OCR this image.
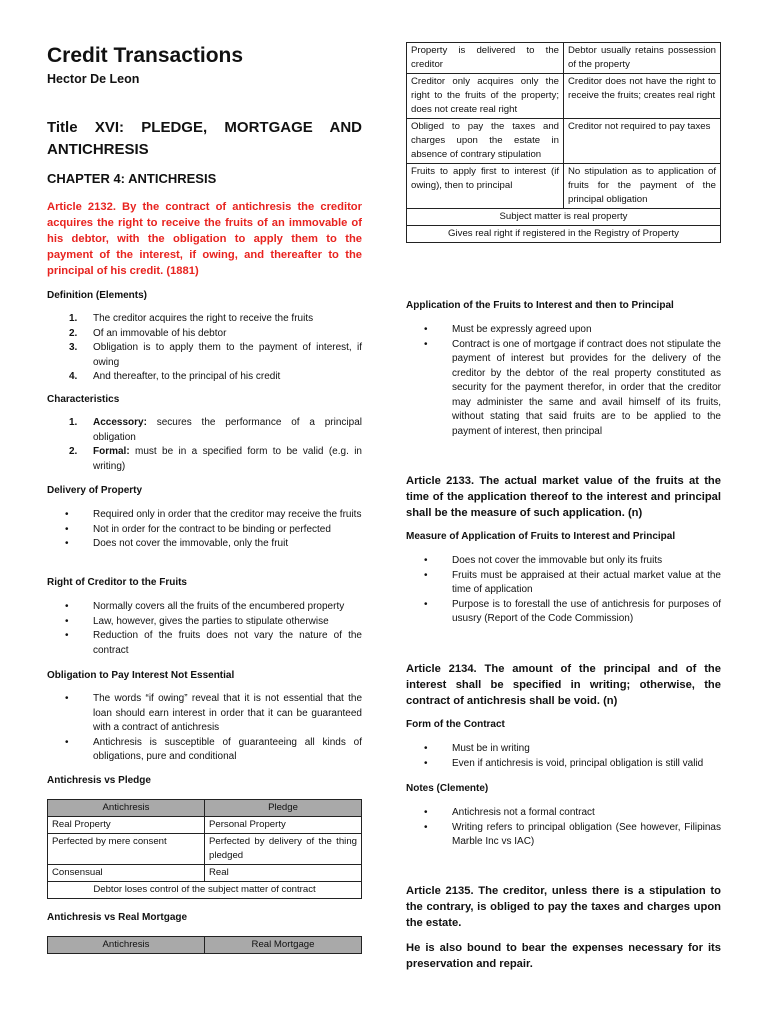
Credit Transactions
Hector De Leon
Title XVI: PLEDGE, MORTGAGE AND ANTICHRESIS
CHAPTER 4: ANTICHRESIS
Article 2132. By the contract of antichresis the creditor acquires the right to receive the fruits of an immovable of his debtor, with the obligation to apply them to the payment of the interest, if owing, and thereafter to the principal of his credit. (1881)
Definition (Elements)
1. The creditor acquires the right to receive the fruits
2. Of an immovable of his debtor
3. Obligation is to apply them to the payment of interest, if owing
4. And thereafter, to the principal of his credit
Characteristics
1. Accessory: secures the performance of a principal obligation
2. Formal: must be in a specified form to be valid (e.g. in writing)
Delivery of Property
• Required only in order that the creditor may receive the fruits
• Not in order for the contract to be binding or perfected
• Does not cover the immovable, only the fruit
Right of Creditor to the Fruits
• Normally covers all the fruits of the encumbered property
• Law, however, gives the parties to stipulate otherwise
• Reduction of the fruits does not vary the nature of the contract
Obligation to Pay Interest Not Essential
• The words “if owing” reveal that it is not essential that the loan should earn interest in order that it can be guaranteed with a contract of antichresis
• Antichresis is susceptible of guaranteeing all kinds of obligations, pure and conditional
Antichresis vs Pledge
Antichresis	Pledge
Real Property	Personal Property
Perfected by mere consent	Perfected by delivery of the thing pledged
Consensual	Real
Debtor loses control of the subject matter of contract	
Antichresis vs Real Mortgage
Antichresis	Real Mortgage
Property is delivered to the creditor	Debtor usually retains possession of the property
Creditor only acquires only the right to the fruits of the property; does not create real right	Creditor does not have the right to receive the fruits; creates real right
Obliged to pay the taxes and charges upon the estate in absence of contrary stipulation	Creditor not required to pay taxes
Fruits to apply first to interest (if owing), then to principal	No stipulation as to application of fruits for the payment of the principal obligation
Subject matter is real property	
Gives real right if registered in the Registry of Property	
Application of the Fruits to Interest and then to Principal
• Must be expressly agreed upon
• Contract is one of mortgage if contract does not stipulate the payment of interest but provides for the delivery of the creditor by the debtor of the real property constituted as security for the payment therefor, in order that the creditor may administer the same and avail himself of its fruits, without stating that said fruits are to be applied to the payment of interest, then principal
Article 2133. The actual market value of the fruits at the time of the application thereof to the interest and principal shall be the measure of such application. (n)
Measure of Application of Fruits to Interest and Principal
• Does not cover the immovable but only its fruits
• Fruits must be appraised at their actual market value at the time of application
• Purpose is to forestall the use of antichresis for purposes of ususry (Report of the Code Commission)
Article 2134. The amount of the principal and of the interest shall be specified in writing; otherwise, the contract of antichresis shall be void. (n)
Form of the Contract
• Must be in writing
• Even if antichresis is void, principal obligation is still valid
Notes (Clemente)
• Antichresis not a formal contract
• Writing refers to principal obligation (See however, Filipinas Marble Inc vs IAC)
Article 2135. The creditor, unless there is a stipulation to the contrary, is obliged to pay the taxes and charges upon the estate.
He is also bound to bear the expenses necessary for its preservation and repair.
